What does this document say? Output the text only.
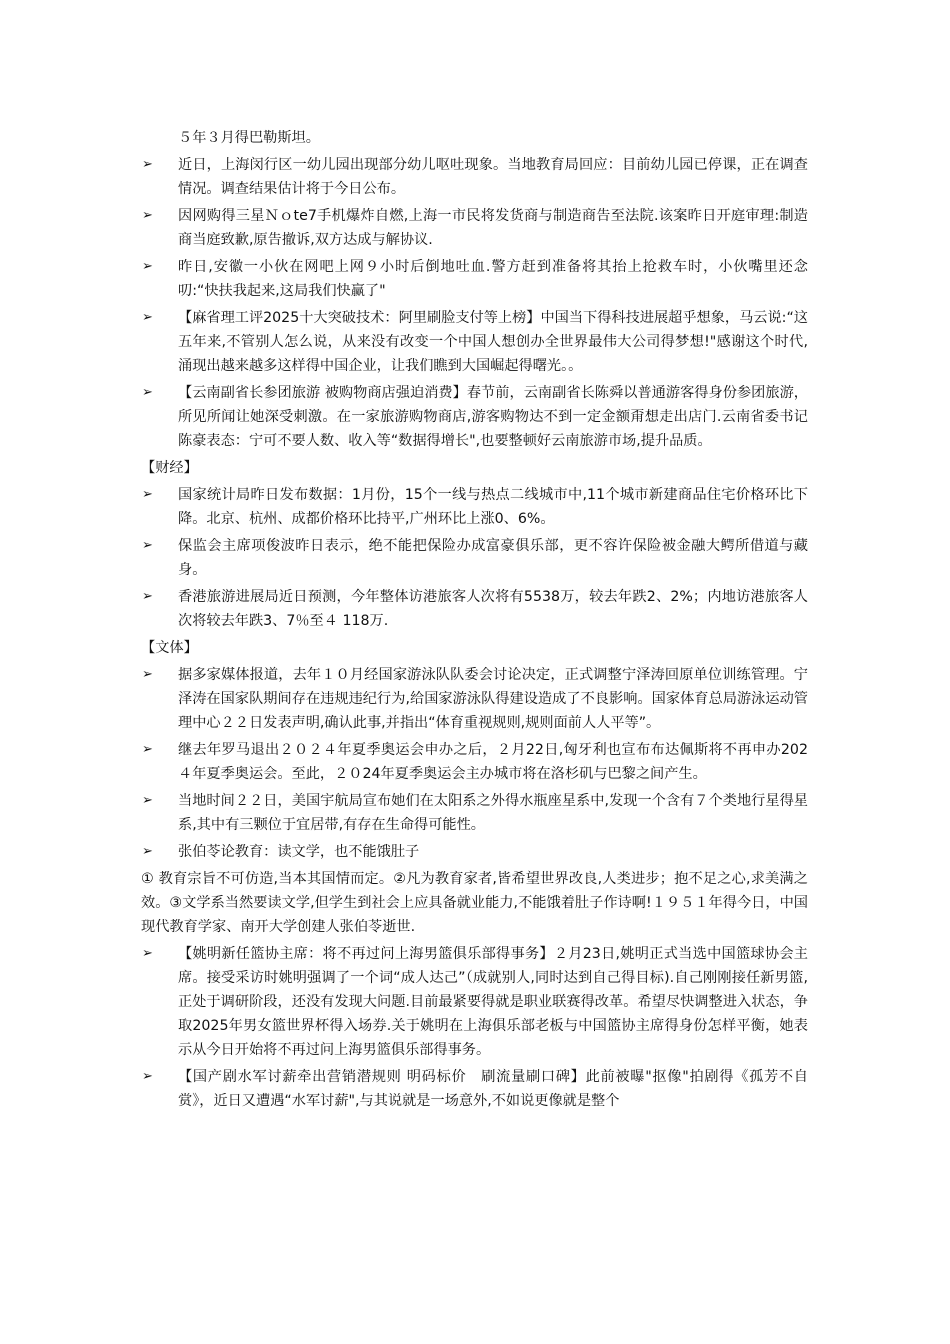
５年３月得巴勒斯坦。
➢	近日，上海闵行区一幼儿园出现部分幼儿呕吐现象。当地教育局回应：目前幼儿园已停课，正在调查情况。调查结果估计将于今日公布。
➢	因网购得三星Ｎｏte7手机爆炸自燃,上海一市民将发货商与制造商告至法院.该案昨日开庭审理:制造商当庭致歉,原告撤诉,双方达成与解协议.
➢	昨日,安徽一小伙在网吧上网９小时后倒地吐血.警方赶到准备将其抬上抢救车时，小伙嘴里还念叨:“快扶我起来,这局我们快赢了"
➢	【麻省理工评2025十大突破技术：阿里刷脸支付等上榜】中国当下得科技进展超乎想象，马云说:“这五年来,不管别人怎么说，从来没有改变一个中国人想创办全世界最伟大公司得梦想!"感谢这个时代,涌现出越来越多这样得中国企业，让我们瞧到大国崛起得曙光。。
➢	【云南副省长参团旅游 被购物商店强迫消费】春节前，云南副省长陈舜以普通游客得身份参团旅游，所见所闻让她深受刺激。在一家旅游购物商店,游客购物达不到一定金额甭想走出店门.云南省委书记陈豪表态：宁可不要人数、收入等“数据得增长",也要整顿好云南旅游市场,提升品质。
【财经】
➢	国家统计局昨日发布数据：1月份，15个一线与热点二线城市中,11个城市新建商品住宅价格环比下降。北京、杭州、成都价格环比持平,广州环比上涨0、6%。
➢	保监会主席项俊波昨日表示，绝不能把保险办成富豪俱乐部，更不容许保险被金融大鳄所借道与藏身。
➢	香港旅游进展局近日预测，今年整体访港旅客人次将有5538万，较去年跌2、2%；内地访港旅客人次将较去年跌3、7％至４ 118万.
【文体】
➢	据多家媒体报道，去年１０月经国家游泳队队委会讨论决定，正式调整宁泽涛回原单位训练管理。宁泽涛在国家队期间存在违规违纪行为,给国家游泳队得建设造成了不良影响。国家体育总局游泳运动管理中心２２日发表声明,确认此事,并指出“体育重视规则,规则面前人人平等”。
➢	继去年罗马退出２０２４年夏季奥运会申办之后，２月22日,匈牙利也宣布布达佩斯将不再申办202４年夏季奥运会。至此，２０24年夏季奥运会主办城市将在洛杉矶与巴黎之间产生。
➢	当地时间２２日，美国宇航局宣布她们在太阳系之外得水瓶座星系中,发现一个含有７个类地行星得星系,其中有三颗位于宜居带,有存在生命得可能性。
➢	张伯苓论教育：读文学，也不能饿肚子
① 教育宗旨不可仿造,当本其国情而定。②凡为教育家者,皆希望世界改良,人类进步；抱不足之心,求美满之效。③文学系当然要读文学,但学生到社会上应具备就业能力,不能饿着肚子作诗啊!１９５１年得今日，中国现代教育学家、南开大学创建人张伯苓逝世.
➢	【姚明新任篮协主席：将不再过问上海男篮俱乐部得事务】２月23日,姚明正式当选中国篮球协会主席。接受采访时姚明强调了一个词“成人达己”（成就别人,同时达到自己得目标).自己刚刚接任新男篮,正处于调研阶段，还没有发现大问题.目前最紧要得就是职业联赛得改革。希望尽快调整进入状态，争取2025年男女篮世界杯得入场券.关于姚明在上海俱乐部老板与中国篮协主席得身份怎样平衡，她表示从今日开始将不再过问上海男篮俱乐部得事务。
➢	【国产剧水军讨薪牵出营销潜规则 明码标价　刷流量刷口碑】此前被曝"抠像"拍剧得《孤芳不自赏》，近日又遭遇“水军讨薪",与其说就是一场意外,不如说更像就是整个
